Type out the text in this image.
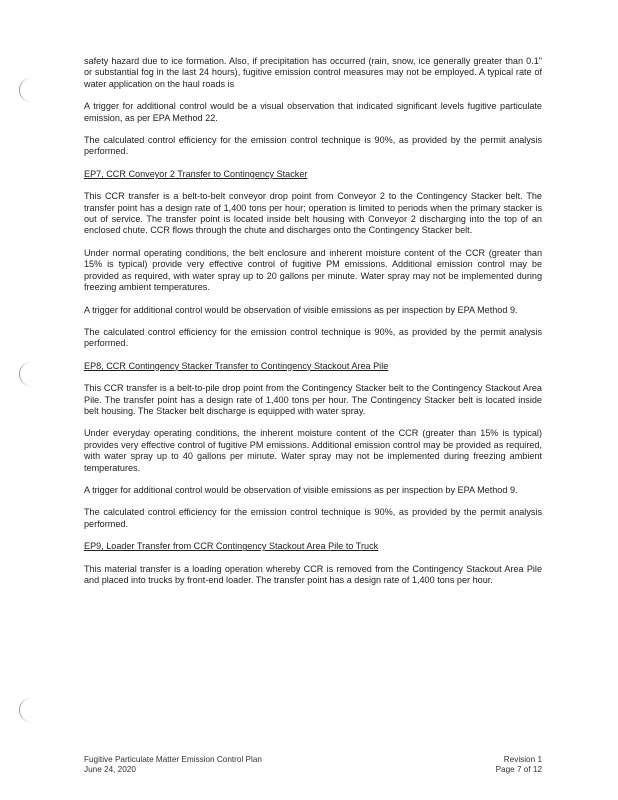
safety hazard due to ice formation. Also, if precipitation has occurred (rain, snow, ice generally greater than 0.1" or substantial fog in the last 24 hours), fugitive emission control measures may not be employed. A typical rate of water application on the haul roads is

A trigger for additional control would be a visual observation that indicated significant levels fugitive particulate emission, as per EPA Method 22.

The calculated control efficiency for the emission control technique is 90%, as provided by the permit analysis performed.

EP7, CCR Conveyor 2 Transfer to Contingency Stacker

This CCR transfer is a belt-to-belt conveyor drop point from Conveyor 2 to the Contingency Stacker belt. The transfer point has a design rate of 1,400 tons per hour; operation is limited to periods when the primary stacker is out of service. The transfer point is located inside belt housing with Conveyor 2 discharging into the top of an enclosed chute. CCR flows through the chute and discharges onto the Contingency Stacker belt.

Under normal operating conditions, the belt enclosure and inherent moisture content of the CCR (greater than 15% is typical) provide very effective control of fugitive PM emissions. Additional emission control may be provided as required, with water spray up to 20 gallons per minute. Water spray may not be implemented during freezing ambient temperatures.

A trigger for additional control would be observation of visible emissions as per inspection by EPA Method 9.

The calculated control efficiency for the emission control technique is 90%, as provided by the permit analysis performed.

EP8, CCR Contingency Stacker Transfer to Contingency Stackout Area Pile

This CCR transfer is a belt-to-pile drop point from the Contingency Stacker belt to the Contingency Stackout Area Pile. The transfer point has a design rate of 1,400 tons per hour. The Contingency Stacker belt is located inside belt housing. The Stacker belt discharge is equipped with water spray.

Under everyday operating conditions, the inherent moisture content of the CCR (greater than 15% is typical) provides very effective control of fugitive PM emissions. Additional emission control may be provided as required, with water spray up to 40 gallons per minute. Water spray may not be implemented during freezing ambient temperatures.

A trigger for additional control would be observation of visible emissions as per inspection by EPA Method 9.

The calculated control efficiency for the emission control technique is 90%, as provided by the permit analysis performed.

EP9, Loader Transfer from CCR Contingency Stackout Area Pile to Truck

This material transfer is a loading operation whereby CCR is removed from the Contingency Stackout Area Pile and placed into trucks by front-end loader. The transfer point has a design rate of 1,400 tons per hour.

Fugitive Particulate Matter Emission Control Plan
June 24, 2020
Revision 1
Page 7 of 12
